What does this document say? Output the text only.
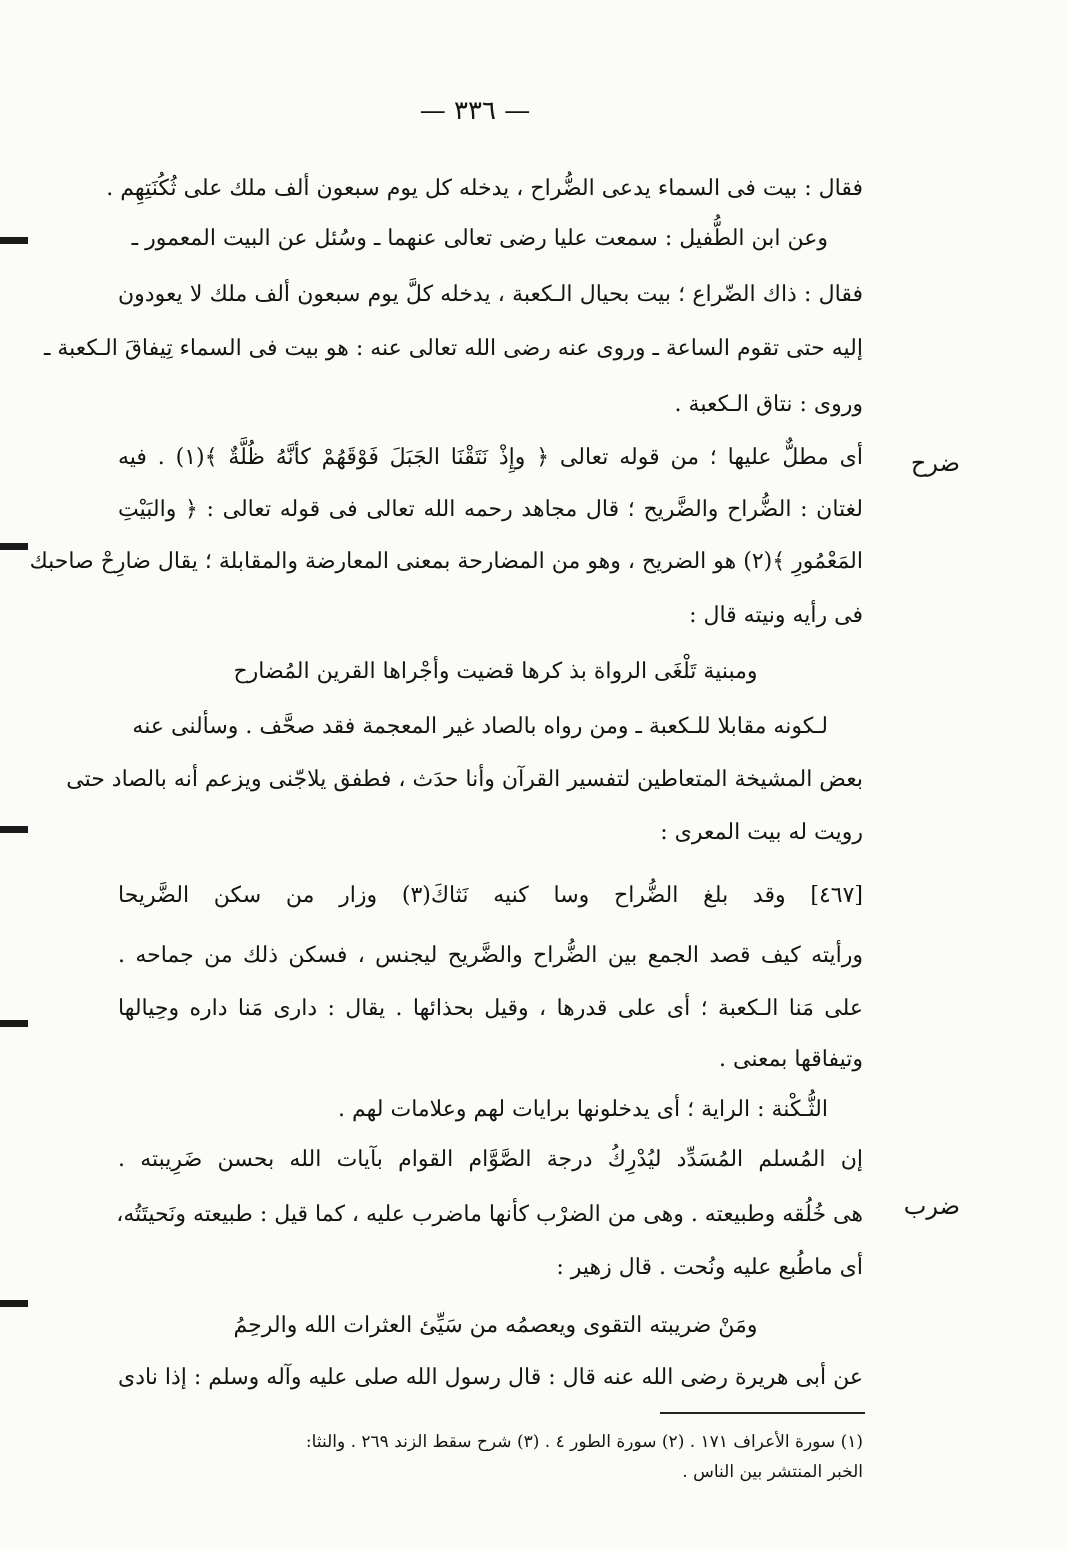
— ٣٣٦ —
ضرح
ضرب
فقال : بيت فى السماء يدعى الضُّراح ، يدخله كل يوم سبعون ألف ملك على ثُكُنَتِهِم .
وعن ابن الطُّفيل : سمعت عليا رضى تعالى عنهما ـ وسُئل عن البيت المعمور ـ
فقال : ذاك الضّراع ؛ بيت بحيال الـكعبة ، يدخله كلَّ يوم سبعون ألف ملك لا يعودون
إليه حتى تقوم الساعة ـ وروى عنه رضى الله تعالى عنه : هو بيت فى السماء تِيفاقَ الـكعبة ـ
وروى : نتاق الـكعبة .
أى مطلٌّ عليها ؛ من قوله تعالى ﴿ وإِذْ نَتَقْنَا الجَبَلَ فَوْقَهُمْ كأنَّهُ ظُلَّةٌ ﴾(١) . فيه
لغتان : الضُّراح والضَّريح ؛ قال مجاهد رحمه الله تعالى فى قوله تعالى : ﴿ والبَيْتِ
المَعْمُورِ ﴾(٢) هو الضريح ، وهو من المضارحة بمعنى المعارضة والمقابلة ؛ يقال ضارِحْ صاحبك
فى رأيه ونيته قال :
ومبنية تَلْغَى الرواة بذ كرها قضيت وأجْراها القرين المُضارح
لـكونه مقابلا للـكعبة ـ ومن رواه بالصاد غير المعجمة فقد صحَّف . وسألنى عنه
بعض المشيخة المتعاطين لتفسير القرآن وأنا حدَث ، فطفق يلاجّنى ويزعم أنه بالصاد حتى
رويت له بيت المعرى :
[٤٦٧] وقد بلغ الضُّراح وسا كنيه نَثاكَ(٣) وزار من سكن الضَّريحا
ورأيته كيف قصد الجمع بين الضُّراح والضَّريح ليجنس ، فسكن ذلك من جماحه .
على مَنا الـكعبة ؛ أى على قدرها ، وقيل بحذائها . يقال : دارى مَنا داره وحِيالها
وتيفاقها بمعنى .
الثُّـكْنة : الراية ؛ أى يدخلونها برايات لهم وعلامات لهم .
إن المُسلم المُسَدِّد ليُدْرِكُ درجة الصَّوَّام القوام بآيات الله بحسن ضَرِيبته .
هى خُلُقه وطبيعته . وهى من الضرْب كأنها ماضرب عليه ، كما قيل : طبيعته ونَحيتَتُه،
أى ماطُبع عليه ونُحت . قال زهير :
ومَنْ ضريبته التقوى ويعصمُه من سَيِّئ العثرات الله والرحِمُ
عن أبى هريرة رضى الله عنه قال : قال رسول الله صلى عليه وآله وسلم : إذا نادى
(١) سورة الأعراف ١٧١ . (٢) سورة الطور ٤ . (٣) شرح سقط الزند ٢٦٩ . والنثا:
الخبر المنتشر بين الناس .
